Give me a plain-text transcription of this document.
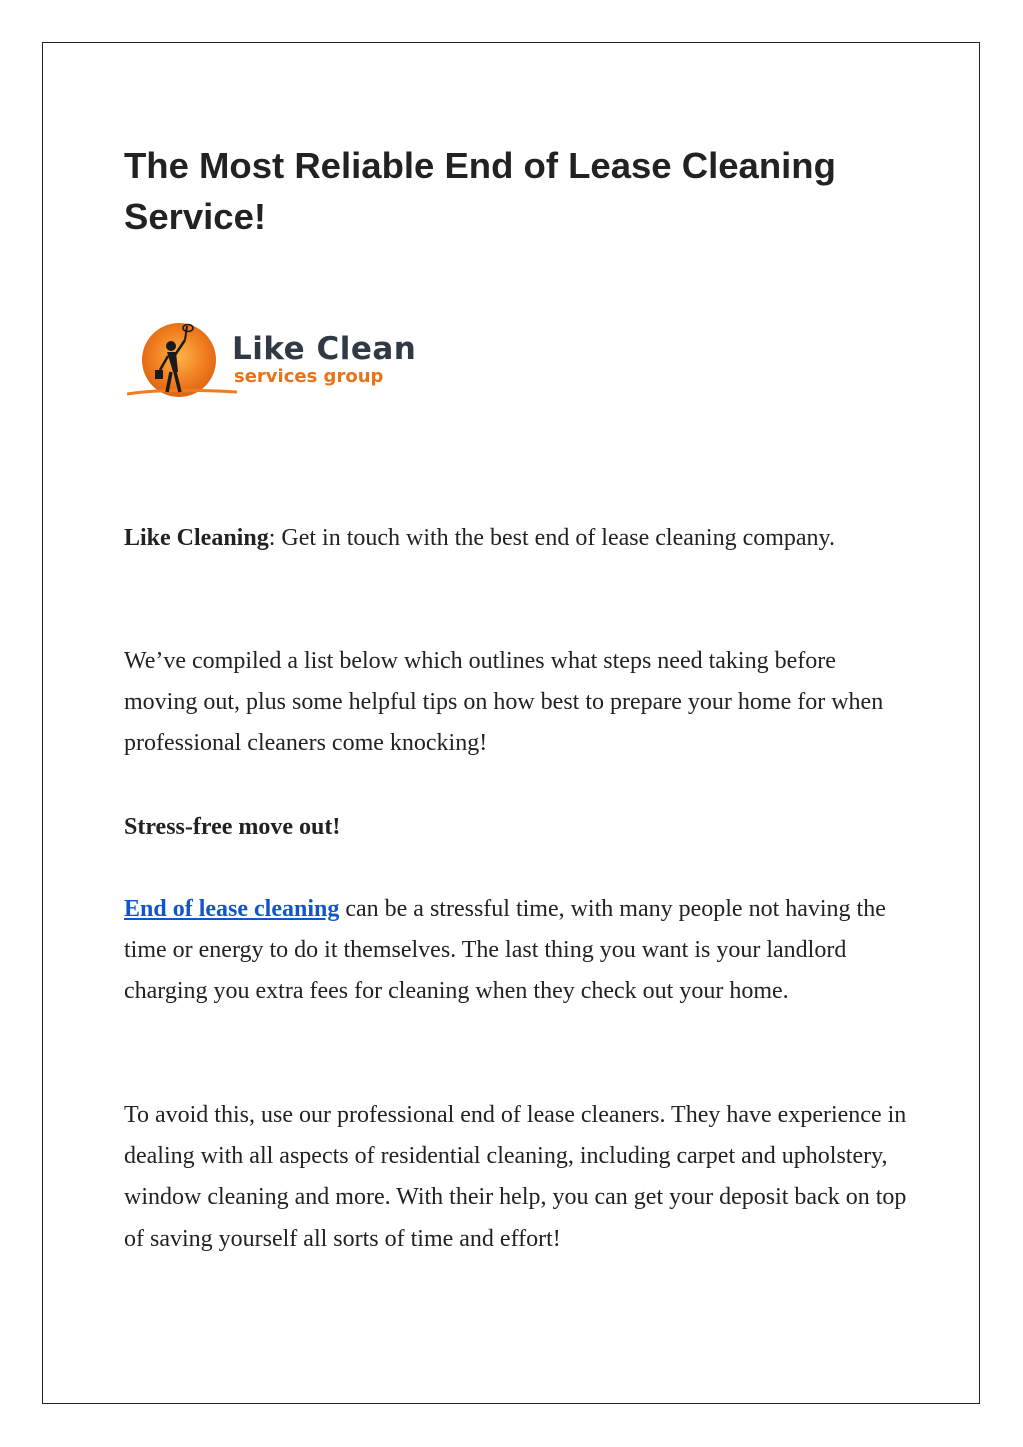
The Most Reliable End of Lease Cleaning Service!
Like Clean
services group

Like Cleaning: Get in touch with the best end of lease cleaning company.

We’ve compiled a list below which outlines what steps need taking before moving out, plus some helpful tips on how best to prepare your home for when professional cleaners come knocking!

Stress-free move out!

End of lease cleaning can be a stressful time, with many people not having the time or energy to do it themselves. The last thing you want is your landlord charging you extra fees for cleaning when they check out your home.

To avoid this, use our professional end of lease cleaners. They have experience in dealing with all aspects of residential cleaning, including carpet and upholstery, window cleaning and more. With their help, you can get your deposit back on top of saving yourself all sorts of time and effort!
